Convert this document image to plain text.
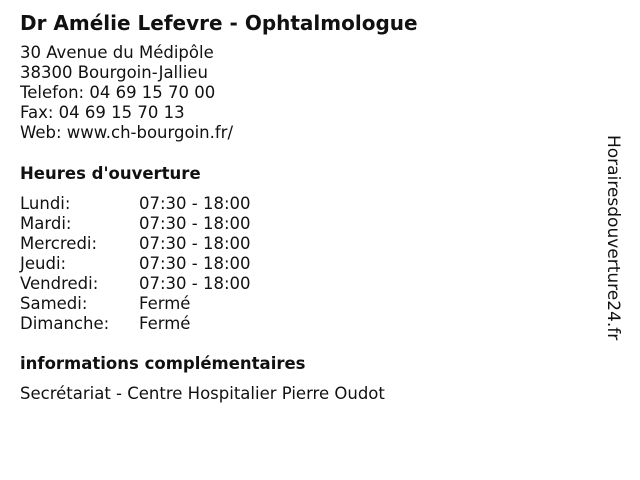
Dr Amélie Lefevre - Ophtalmologue
30 Avenue du Médipôle
38300 Bourgoin-Jallieu
Telefon: 04 69 15 70 00
Fax: 04 69 15 70 13
Web: www.ch-bourgoin.fr/
Heures d'ouverture
Lundi:	07:30 - 18:00
Mardi:	07:30 - 18:00
Mercredi:	07:30 - 18:00
Jeudi:	07:30 - 18:00
Vendredi: 07:30 - 18:00
Samedi:	Fermé
Dimanche: Fermé
informations complémentaires
Secrétariat - Centre Hospitalier Pierre Oudot
Horairesdouverture24.fr
